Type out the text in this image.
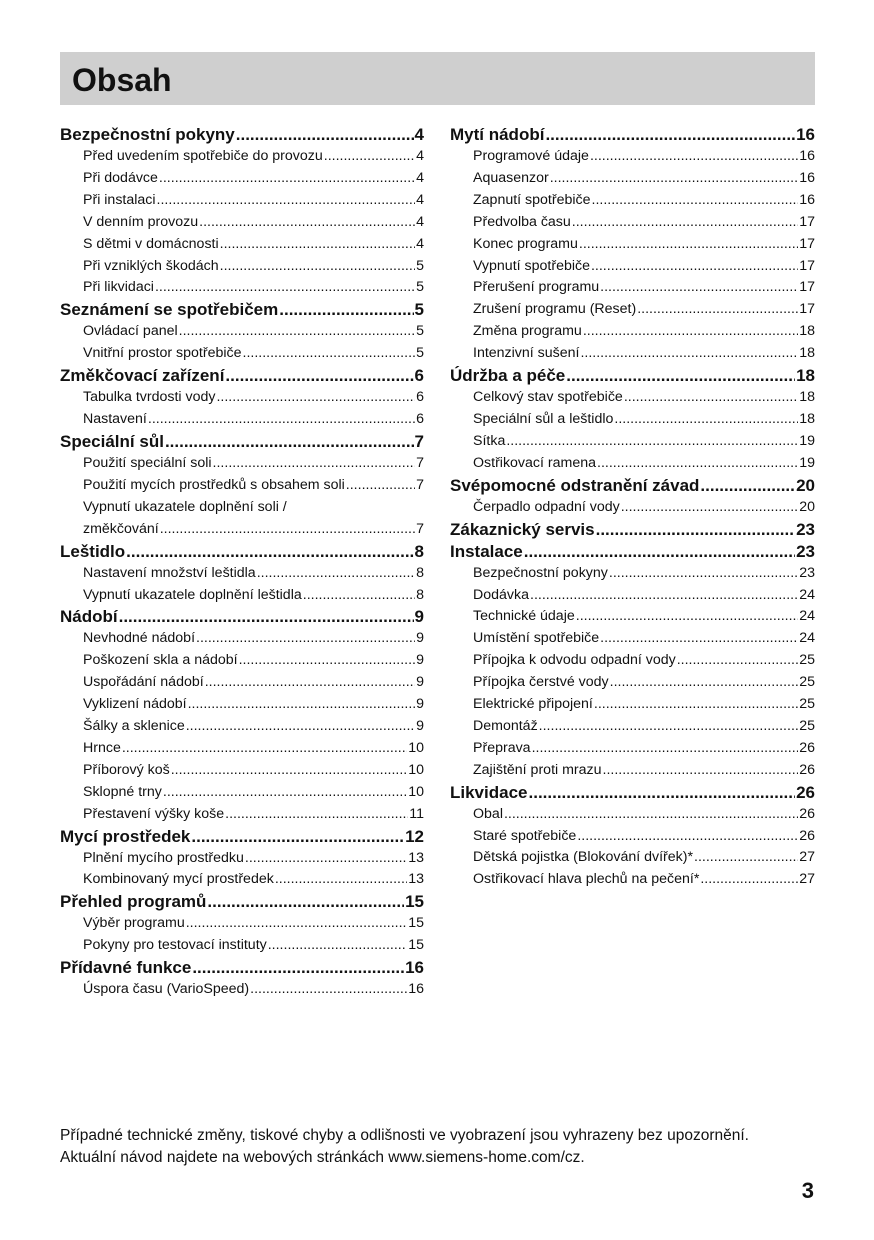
Obsah
Bezpečnostní pokyny .....	4
Před uvedením spotřebiče do provozu .....	4
Při dodávce .....	4
Při instalaci .....	4
V denním provozu .....	4
S dětmi v domácnosti .....	4
Při vzniklých škodách .....	5
Při likvidaci .....	5
Seznámení se spotřebičem .....	5
Ovládací panel .....	5
Vnitřní prostor spotřebiče .....	5
Změkčovací zařízení .....	6
Tabulka tvrdosti vody .....	6
Nastavení .....	6
Speciální sůl .....	7
Použití speciální soli .....	7
Použití mycích prostředků s obsahem soli .....	7
Vypnutí ukazatele doplnění soli /
změkčování .....	7
Leštidlo .....	8
Nastavení množství leštidla .....	8
Vypnutí ukazatele doplnění leštidla .....	8
Nádobí .....	9
Nevhodné nádobí .....	9
Poškození skla a nádobí .....	9
Uspořádání nádobí .....	9
Vyklizení nádobí .....	9
Šálky a sklenice .....	9
Hrnce .....	10
Příborový koš .....	10
Sklopné trny .....	10
Přestavení výšky koše .....	11
Mycí prostředek .....	12
Plnění mycího prostředku .....	13
Kombinovaný mycí prostředek .....	13
Přehled programů .....	15
Výběr programu .....	15
Pokyny pro testovací instituty .....	15
Přídavné funkce .....	16
Úspora času (VarioSpeed) .....	16
Mytí nádobí .....	16
Programové údaje .....	16
Aquasenzor .....	16
Zapnutí spotřebiče .....	16
Předvolba času .....	17
Konec programu .....	17
Vypnutí spotřebiče .....	17
Přerušení programu .....	17
Zrušení programu (Reset) .....	17
Změna programu .....	18
Intenzivní sušení .....	18
Údržba a péče .....	18
Celkový stav spotřebiče .....	18
Speciální sůl a leštidlo .....	18
Sítka .....	19
Ostřikovací ramena .....	19
Svépomocné odstranění závad .....	20
Čerpadlo odpadní vody .....	20
Zákaznický servis .....	23
Instalace .....	23
Bezpečnostní pokyny .....	23
Dodávka .....	24
Technické údaje .....	24
Umístění spotřebiče .....	24
Přípojka k odvodu odpadní vody .....	25
Přípojka čerstvé vody .....	25
Elektrické připojení .....	25
Demontáž .....	25
Přeprava .....	26
Zajištění proti mrazu .....	26
Likvidace .....	26
Obal .....	26
Staré spotřebiče .....	26
Dětská pojistka (Blokování dvířek)* .....	27
Ostřikovací hlava plechů na pečení* .....	27
Případné technické změny, tiskové chyby a odlišnosti ve vyobrazení jsou vyhrazeny bez upozornění. Aktuální návod najdete na webových stránkách www.siemens-home.com/cz.
3
